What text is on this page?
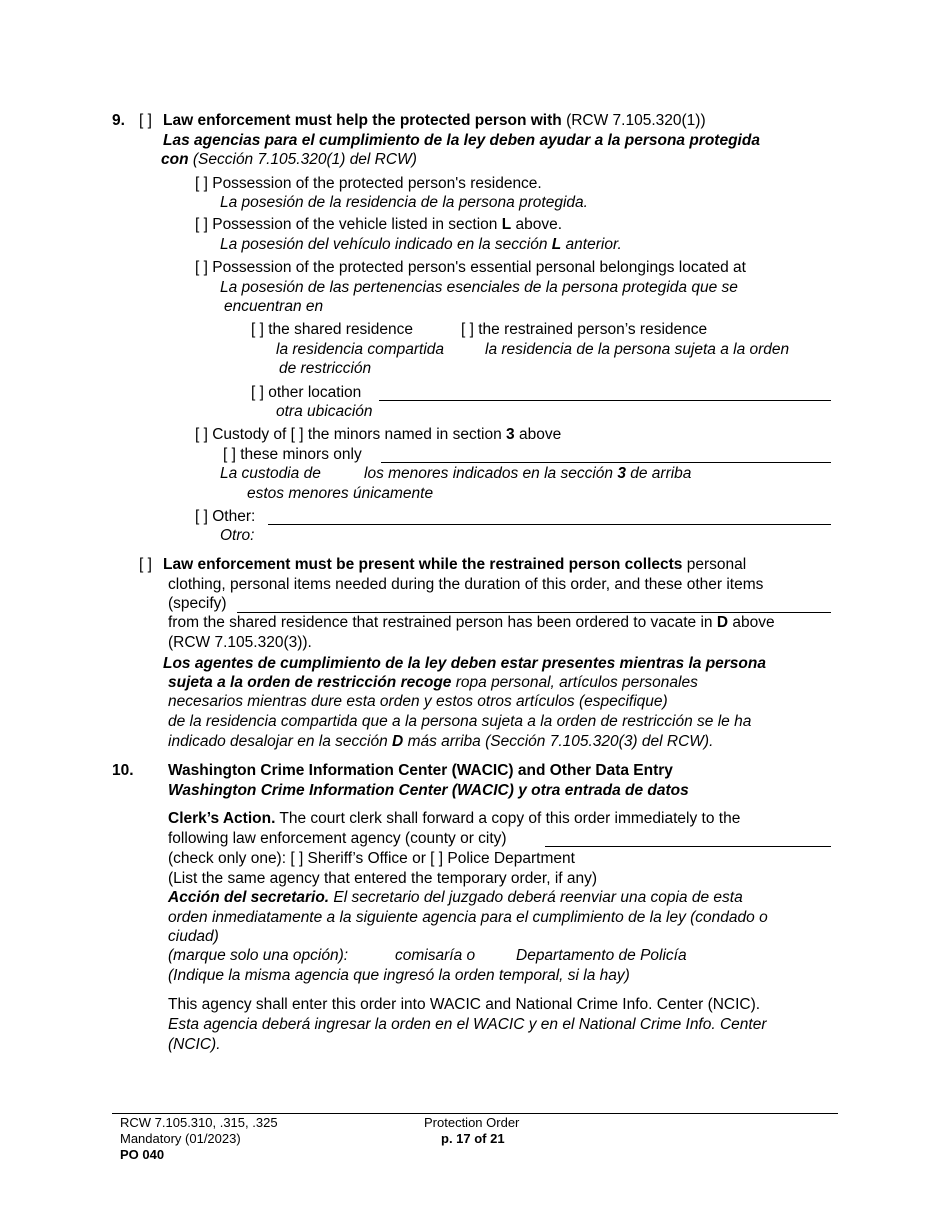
9. [ ] Law enforcement must help the protected person with (RCW 7.105.320(1))
Las agencias para el cumplimiento de la ley deben ayudar a la persona protegida
con (Sección 7.105.320(1) del RCW)
[ ] Possession of the protected person's residence.
La posesión de la residencia de la persona protegida.
[ ] Possession of the vehicle listed in section L above.
La posesión del vehículo indicado en la sección L anterior.
[ ] Possession of the protected person's essential personal belongings located at
La posesión de las pertenencias esenciales de la persona protegida que se
encuentran en
[ ] the shared residence	[ ] the restrained person’s residence
la residencia compartida	la residencia de la persona sujeta a la orden
de restricción
[ ] other location
otra ubicación
[ ] Custody of [ ] the minors named in section 3 above
[ ] these minors only
La custodia de	los menores indicados en la sección 3 de arriba
estos menores únicamente
[ ] Other:
Otro:
[ ] Law enforcement must be present while the restrained person collects personal
clothing, personal items needed during the duration of this order, and these other items
(specify)
from the shared residence that restrained person has been ordered to vacate in D above
(RCW 7.105.320(3)).
Los agentes de cumplimiento de la ley deben estar presentes mientras la persona
sujeta a la orden de restricción recoge ropa personal, artículos personales
necesarios mientras dure esta orden y estos otros artículos (especifique)
de la residencia compartida que a la persona sujeta a la orden de restricción se le ha
indicado desalojar en la sección D más arriba (Sección 7.105.320(3) del RCW).
10. Washington Crime Information Center (WACIC) and Other Data Entry
Washington Crime Information Center (WACIC) y otra entrada de datos
Clerk’s Action. The court clerk shall forward a copy of this order immediately to the
following law enforcement agency (county or city)
(check only one): [ ] Sheriff’s Office or [ ] Police Department
(List the same agency that entered the temporary order, if any)
Acción del secretario. El secretario del juzgado deberá reenviar una copia de esta
orden inmediatamente a la siguiente agencia para el cumplimiento de la ley (condado o
ciudad)
(marque solo una opción):	comisaría o	Departamento de Policía
(Indique la misma agencia que ingresó la orden temporal, si la hay)
This agency shall enter this order into WACIC and National Crime Info. Center (NCIC).
Esta agencia deberá ingresar la orden en el WACIC y en el National Crime Info. Center
(NCIC).
RCW 7.105.310, .315, .325
Mandatory (01/2023)
PO 040
Protection Order
p. 17 of 21
